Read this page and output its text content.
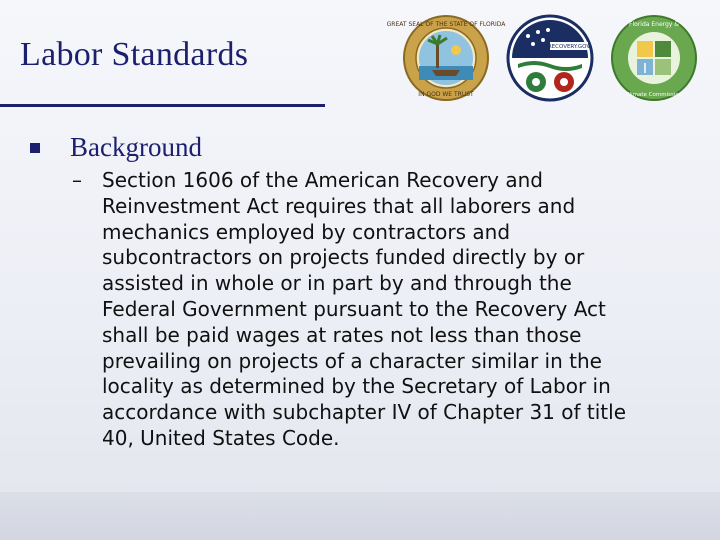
Labor Standards
GREAT SEAL OF THE STATE OF FLORIDA
IN GOD WE TRUST
RECOVERY.GOV
Florida Energy &
Climate Commission
Background
–	Section 1606 of the American Recovery and Reinvestment Act requires that all laborers and mechanics employed by contractors and subcontractors on projects funded directly by or assisted in whole or in part by and through the Federal Government pursuant to the Recovery Act shall be paid wages at rates not less than those prevailing on projects of a character similar in the locality as determined by the Secretary of Labor in accordance with subchapter IV of Chapter 31 of title 40, United States Code.
